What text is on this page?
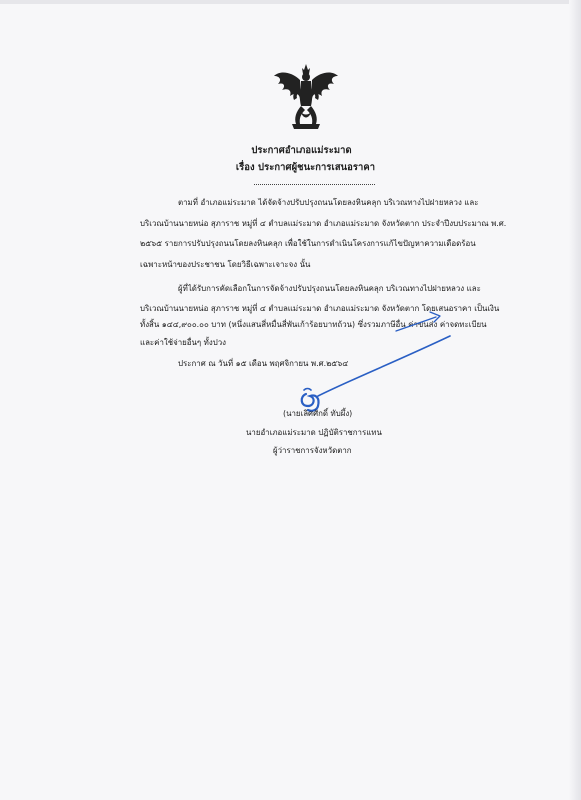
ประกาศอำเภอแม่ระมาด
เรื่อง ประกาศผู้ชนะการเสนอราคา
ตามที่ อำเภอแม่ระมาด ได้จัดจ้างปรับปรุงถนนโดยลงหินคลุก บริเวณทางไปฝายหลวง และ
บริเวณบ้านนายหน่อ สุภาราช หมู่ที่ ๔ ตำบลแม่ระมาด อำเภอแม่ระมาด จังหวัดตาก ประจำปีงบประมาณ พ.ศ.
๒๕๖๕ รายการปรับปรุงถนนโดยลงหินคลุก เพื่อใช้ในการดำเนินโครงการแก้ไขปัญหาความเดือดร้อน
เฉพาะหน้าของประชาชน โดยวิธีเฉพาะเจาะจง นั้น
ผู้ที่ได้รับการคัดเลือกในการจัดจ้างปรับปรุงถนนโดยลงหินคลุก บริเวณทางไปฝายหลวง และ
บริเวณบ้านนายหน่อ สุภาราช หมู่ที่ ๔ ตำบลแม่ระมาด อำเภอแม่ระมาด จังหวัดตาก โดยเสนอราคา เป็นเงิน
ทั้งสิ้น ๑๔๔,๙๐๐.๐๐ บาท (หนึ่งแสนสี่หมื่นสี่พันเก้าร้อยบาทถ้วน) ซึ่งรวมภาษีอื่น ค่าขนส่ง ค่าจดทะเบียน
และค่าใช้จ่ายอื่นๆ ทั้งปวง
ประกาศ ณ วันที่ ๑๕ เดือน พฤศจิกายน พ.ศ.๒๕๖๔
(นายเลิศศักดิ์ ทับผึ้ง)
นายอำเภอแม่ระมาด ปฏิบัติราชการแทน
ผู้ว่าราชการจังหวัดตาก
